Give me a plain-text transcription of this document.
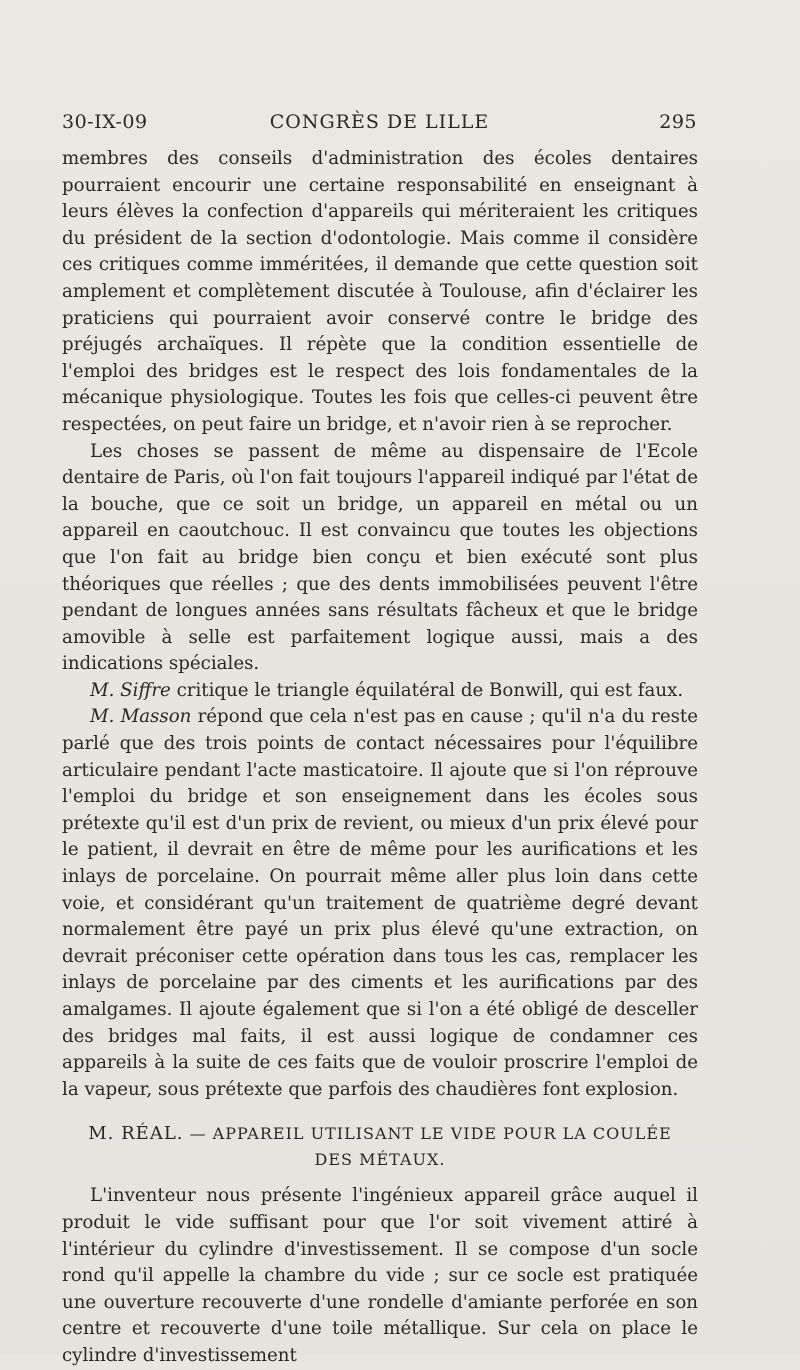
30-IX-09	CONGRÈS DE LILLE	295

membres des conseils d'administration des écoles dentaires pourraient encourir une certaine responsabilité en enseignant à leurs élèves la confection d'appareils qui mériteraient les critiques du président de la section d'odontologie. Mais comme il considère ces critiques comme imméritées, il demande que cette question soit amplement et complètement discutée à Toulouse, afin d'éclairer les praticiens qui pourraient avoir conservé contre le bridge des préjugés archaïques. Il répète que la condition essentielle de l'emploi des bridges est le respect des lois fondamentales de la mécanique physiologique. Toutes les fois que celles-ci peuvent être respectées, on peut faire un bridge, et n'avoir rien à se reprocher.

Les choses se passent de même au dispensaire de l'Ecole dentaire de Paris, où l'on fait toujours l'appareil indiqué par l'état de la bouche, que ce soit un bridge, un appareil en métal ou un appareil en caoutchouc. Il est convaincu que toutes les objections que l'on fait au bridge bien conçu et bien exécuté sont plus théoriques que réelles ; que des dents immobilisées peuvent l'être pendant de longues années sans résultats fâcheux et que le bridge amovible à selle est parfaitement logique aussi, mais a des indications spéciales.

M. Siffre critique le triangle équilatéral de Bonwill, qui est faux.

M. Masson répond que cela n'est pas en cause ; qu'il n'a du reste parlé que des trois points de contact nécessaires pour l'équilibre articulaire pendant l'acte masticatoire. Il ajoute que si l'on réprouve l'emploi du bridge et son enseignement dans les écoles sous prétexte qu'il est d'un prix de revient, ou mieux d'un prix élevé pour le patient, il devrait en être de même pour les aurifications et les inlays de porcelaine. On pourrait même aller plus loin dans cette voie, et considérant qu'un traitement de quatrième degré devant normalement être payé un prix plus élevé qu'une extraction, on devrait préconiser cette opération dans tous les cas, remplacer les inlays de porcelaine par des ciments et les aurifications par des amalgames. Il ajoute également que si l'on a été obligé de desceller des bridges mal faits, il est aussi logique de condamner ces appareils à la suite de ces faits que de vouloir proscrire l'emploi de la vapeur, sous prétexte que parfois des chaudières font explosion.

M. RÉAL. — APPAREIL UTILISANT LE VIDE POUR LA COULÉE DES MÉTAUX.

L'inventeur nous présente l'ingénieux appareil grâce auquel il produit le vide suffisant pour que l'or soit vivement attiré à l'intérieur du cylindre d'investissement. Il se compose d'un socle rond qu'il appelle la chambre du vide ; sur ce socle est pratiquée une ouverture recouverte d'une rondelle d'amiante perforée en son centre et recouverte d'une toile métallique. Sur cela on place le cylindre d'investissement
